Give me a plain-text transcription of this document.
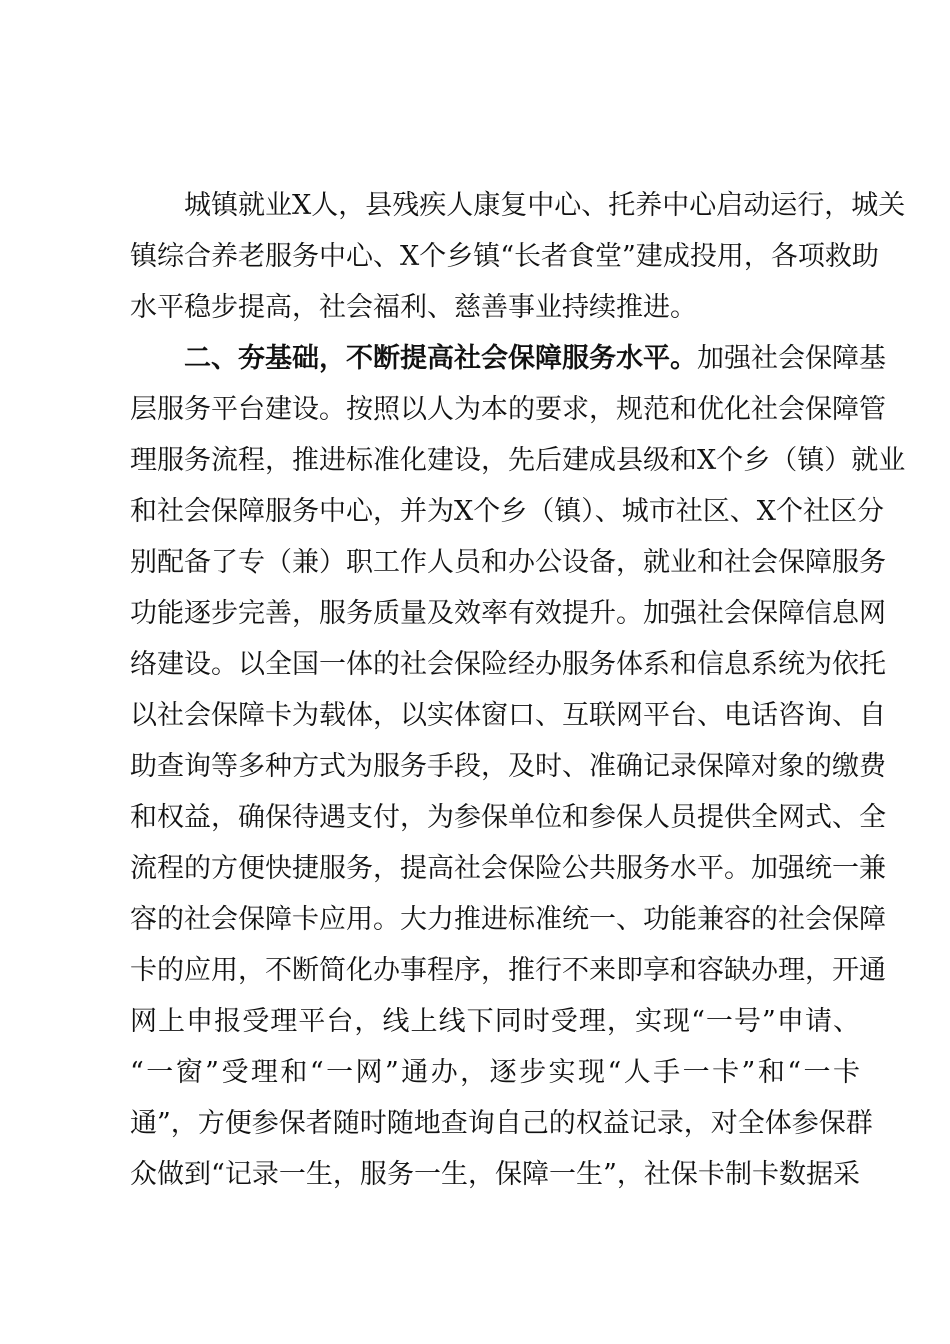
城镇就业X人，县残疾人康复中心、托养中心启动运行，城关
镇综合养老服务中心、X个乡镇“长者食堂”建成投用，各项救助
水平稳步提高，社会福利、慈善事业持续推进。
二、夯基础，不断提高社会保障服务水平。加强社会保障基
层服务平台建设。按照以人为本的要求，规范和优化社会保障管
理服务流程，推进标准化建设，先后建成县级和X个乡（镇）就业
和社会保障服务中心，并为X个乡（镇）、城市社区、X个社区分
别配备了专（兼）职工作人员和办公设备，就业和社会保障服务
功能逐步完善，服务质量及效率有效提升。加强社会保障信息网
络建设。以全国一体的社会保险经办服务体系和信息系统为依托
以社会保障卡为载体，以实体窗口、互联网平台、电话咨询、自
助查询等多种方式为服务手段，及时、准确记录保障对象的缴费
和权益，确保待遇支付，为参保单位和参保人员提供全网式、全
流程的方便快捷服务，提高社会保险公共服务水平。加强统一兼
容的社会保障卡应用。大力推进标准统一、功能兼容的社会保障
卡的应用，不断简化办事程序，推行不来即享和容缺办理，开通
网上申报受理平台，线上线下同时受理，实现“一号”申请、
“一窗”受理和“一网”通办，逐步实现“人手一卡”和“一卡
通”，方便参保者随时随地查询自己的权益记录，对全体参保群
众做到“记录一生，服务一生，保障一生”，社保卡制卡数据采
